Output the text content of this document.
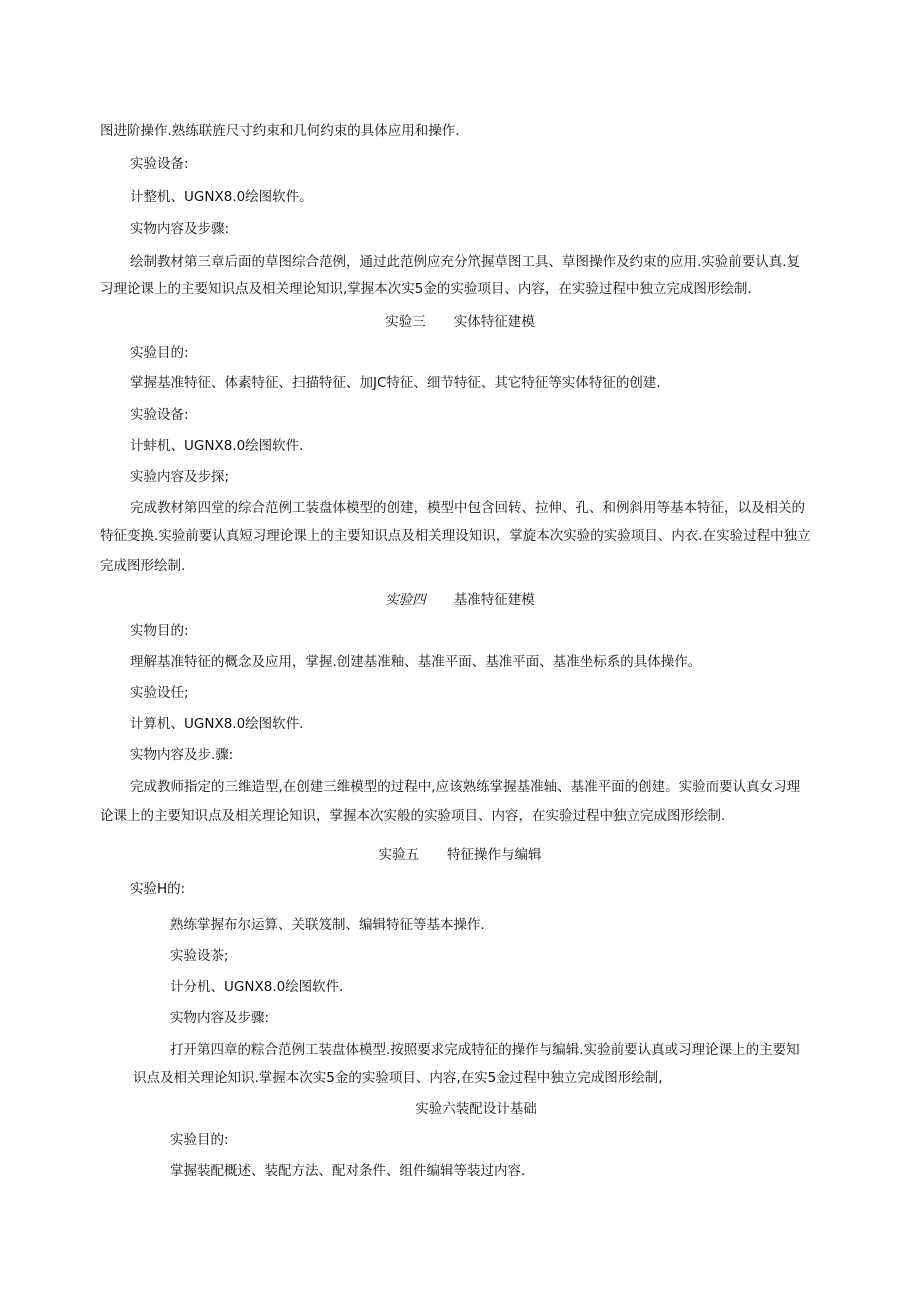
图进阶操作.熟练联旌尺寸约束和几何约束的具体应用和操作.
实验设备:
计整机、UGNX8.0绘图软件。
实物内容及步骤:
绘制教材第三章后面的草图综合范例，通过此范例应充分笊握草图工具、草图操作及约束的应用.实验前要认真.复
习理论课上的主要知识点及相关理论知识,掌握本次实5金的实验项目、内容，在实验过程中独立完成图形绘制.
实验三 实体特征建模
实验目的:
掌握基准特征、体素特征、扫描特征、加JC特征、细节特征、其它特征等实体特征的创建.
实验设备:
计蚌机、UGNX8.0绘图软件.
实验内容及步探;
完成教材第四堂的综合范例工装盘体模型的创建，模型中包含回转、拉伸、孔、和例斜用等基本特征，以及相关的
特征变换.实验前要认真短习理论课上的主要知识点及相关理设知识，掌旋本次实验的实验项目、内衣.在实验过程中独立
完成图形绘制.
实验四 基准特征建模
实物目的:
理解基准特征的概念及应用，掌握.创建基准釉、基准平面、基准平面、基准坐标系的具体操作。
实验设任;
计算机、UGNX8.0绘图软件.
实物内容及步.骤:
完成教师指定的三维造型,在创建三维模型的过程中,应该熟练掌握基准轴、基准平面的创建。实验而要认真女习理
论课上的主要知识点及相关理论知识，掌握本次实般的实验项目、内容，在实验过程中独立完成图形绘制.
实验五 特征操作与编辑
实验H的:
熟练掌握布尔运算、关联笈制、编辑特征等基本操作.
实验设茶;
计分机、UGNX8.0绘图软件.
实物内容及步骤:
打开第四章的粽合范例工装盘体模型.按照要求完成特征的操作与编辑.实验前要认真或习理论课上的主要知
识点及相关理论知识.掌握本次实5金的实验项目、内容,在实5金过程中独立完成图形绘制,
实验六装配设计基础
实验目的:
掌握装配概述、装配方法、配对条件、组件编辑等装过内容.
